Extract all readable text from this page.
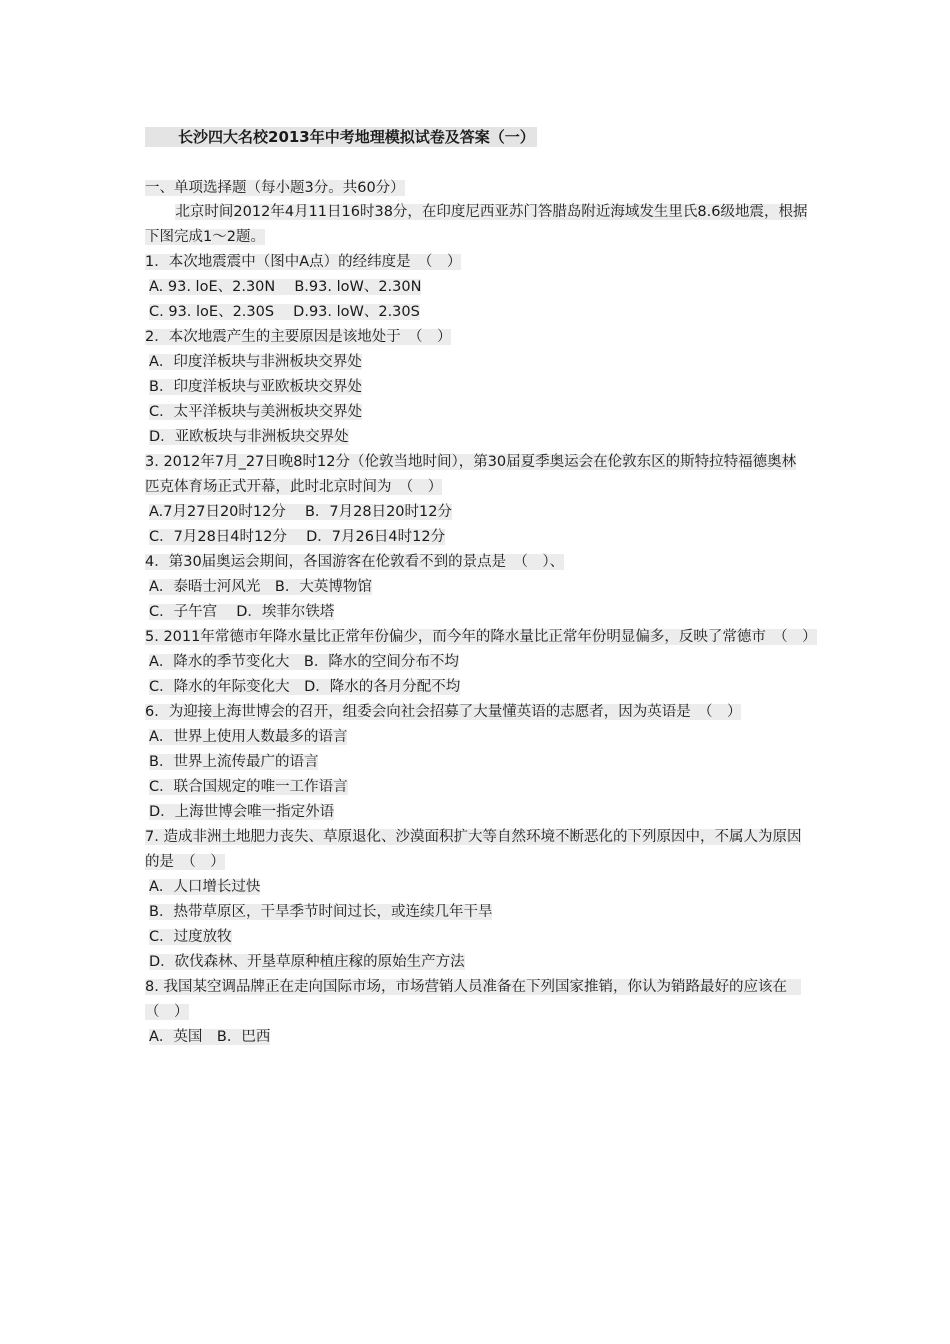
长沙四大名校2013年中考地理模拟试卷及答案（一）
一、单项选择题（每小题3分。共60分）
北京时间2012年4月11日16时38分，在印度尼西亚苏门答腊岛附近海域发生里氏8.6级地震，根据下图完成1～2题。
1．本次地震震中（图中A点）的经纬度是　（　）
A. 93. loE、2.30N　 B.93. loW、2.30N
C. 93. loE、2.30S　 D.93. loW、2.30S
2．本次地震产生的主要原因是该地处于　（　）
A．印度洋板块与非洲板块交界处
B．印度洋板块与亚欧板块交界处
C．太平洋板块与美洲板块交界处
D．亚欧板块与非洲板块交界处
3. 2012年7月_27日晚8时12分（伦敦当地时间），第30届夏季奥运会在伦敦东区的斯特拉特福德奥林匹克体育场正式开幕，此时北京时间为　（　）
A.7月27日20时12分　 B．7月28日20时12分
C．7月28日4时12分　 D．7月26日4时12分
4．第30届奥运会期间，各国游客在伦敦看不到的景点是　（　）、
A．泰晤士河风光　B．大英博物馆
C．子午宫　 D．埃菲尔铁塔
5. 2011年常德市年降水量比正常年份偏少，而今年的降水量比正常年份明显偏多，反映了常德市　（　）
A．降水的季节变化大　B．降水的空间分布不均
C．降水的年际变化大　D．降水的各月分配不均
6．为迎接上海世博会的召开，组委会向社会招募了大量懂英语的志愿者，因为英语是　（　）
A．世界上使用人数最多的语言
B．世界上流传最广的语言
C．联合国规定的唯一工作语言
D．上海世博会唯一指定外语
7. 造成非洲土地肥力丧失、草原退化、沙漠面积扩大等自然环境不断恶化的下列原因中，不属人为原因的是　（　）
A．人口增长过快
B．热带草原区，干旱季节时间过长，或连续几年干旱
C．过度放牧
D．砍伐森林、开垦草原种植庄稼的原始生产方法
8. 我国某空调品牌正在走向国际市场，市场营销人员准备在下列国家推销，你认为销路最好的应该在　（　）
A．英国　B．巴西
